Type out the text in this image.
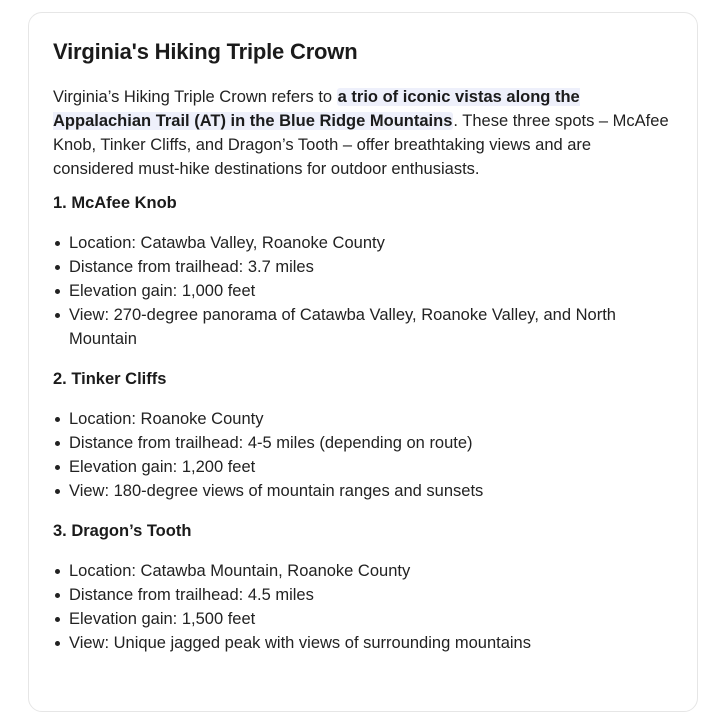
Virginia's Hiking Triple Crown

Virginia’s Hiking Triple Crown refers to a trio of iconic vistas along the Appalachian Trail (AT) in the Blue Ridge Mountains. These three spots – McAfee Knob, Tinker Cliffs, and Dragon’s Tooth – offer breathtaking views and are considered must-hike destinations for outdoor enthusiasts.

1. McAfee Knob
Location: Catawba Valley, Roanoke County
Distance from trailhead: 3.7 miles
Elevation gain: 1,000 feet
View: 270-degree panorama of Catawba Valley, Roanoke Valley, and North Mountain
2. Tinker Cliffs
Location: Roanoke County
Distance from trailhead: 4-5 miles (depending on route)
Elevation gain: 1,200 feet
View: 180-degree views of mountain ranges and sunsets
3. Dragon’s Tooth
Location: Catawba Mountain, Roanoke County
Distance from trailhead: 4.5 miles
Elevation gain: 1,500 feet
View: Unique jagged peak with views of surrounding mountains
